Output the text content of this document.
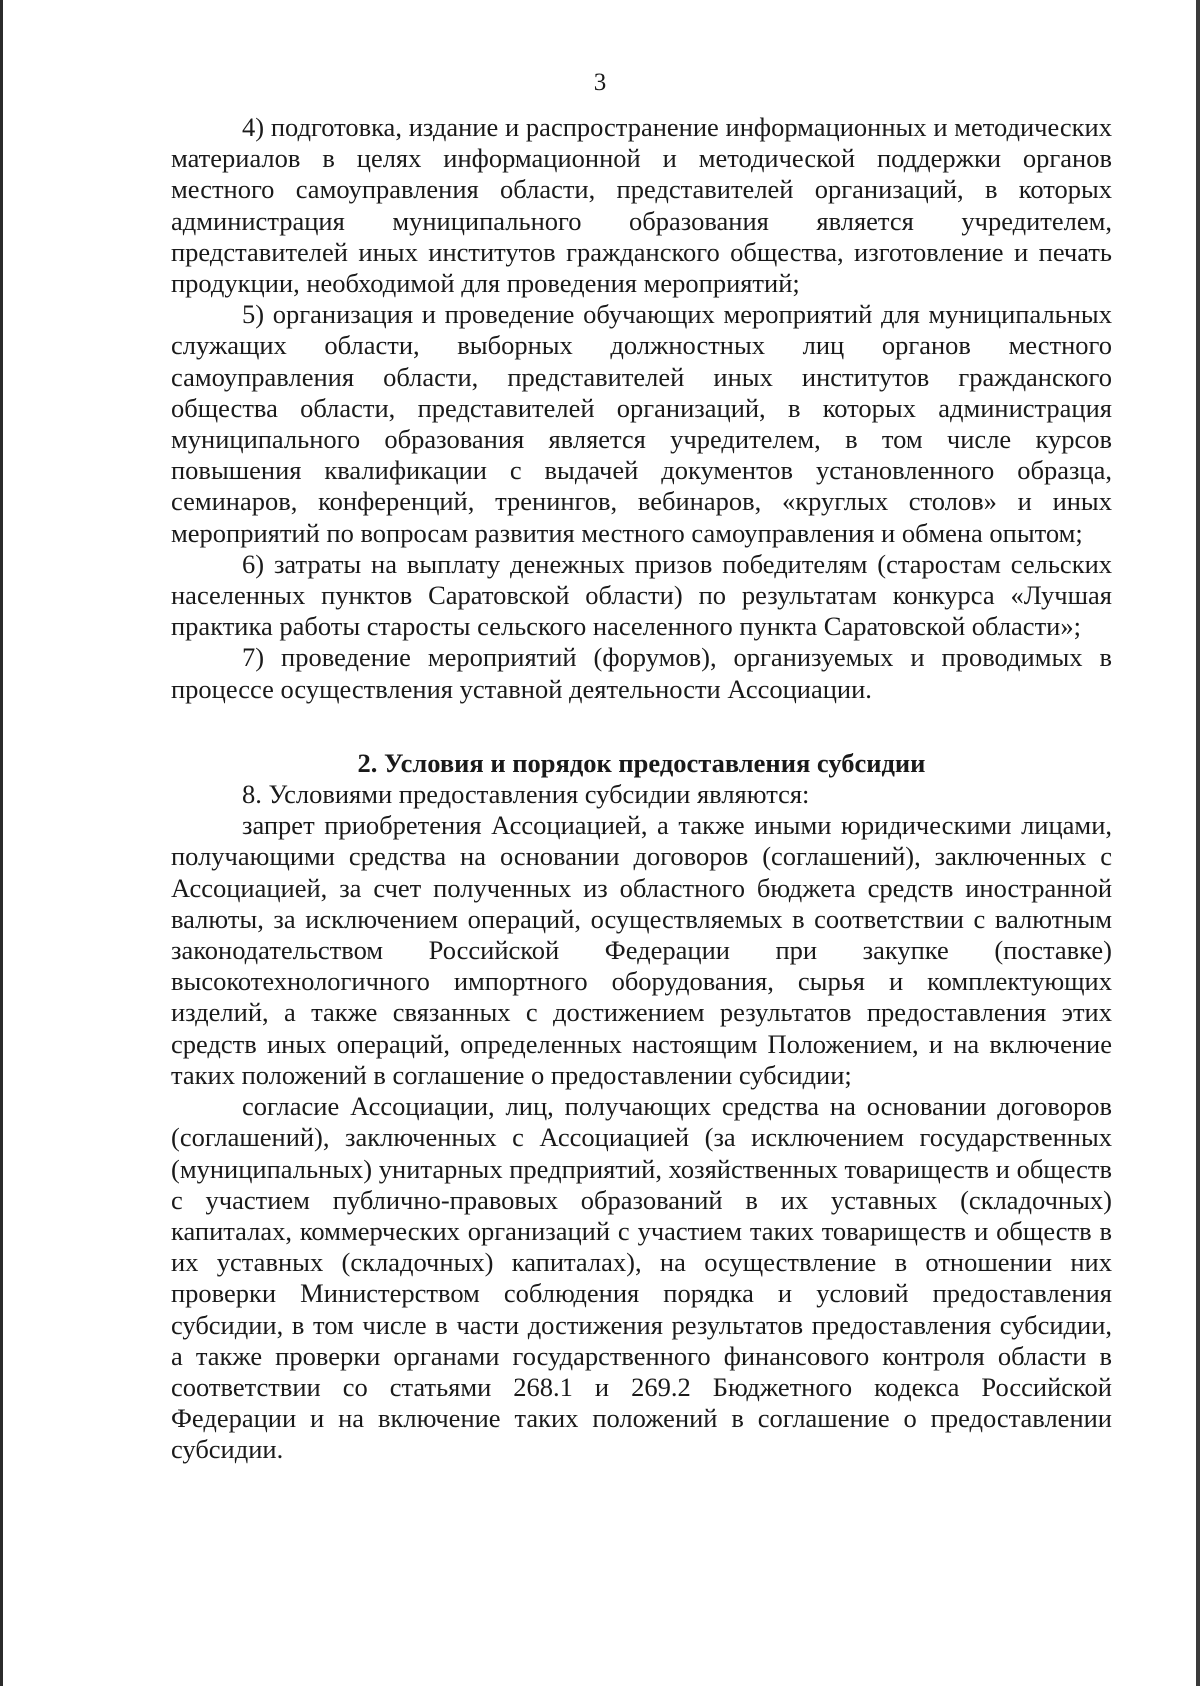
3

4) подготовка, издание и распространение информационных и методических материалов в целях информационной и методической поддержки органов местного самоуправления области, представителей организаций, в которых администрация муниципального образования является учредителем, представителей иных институтов гражданского общества, изготовление и печать продукции, необходимой для проведения мероприятий;

5) организация и проведение обучающих мероприятий для муниципальных служащих области, выборных должностных лиц органов местного самоуправления области, представителей иных институтов гражданского общества области, представителей организаций, в которых администрация муниципального образования является учредителем, в том числе курсов повышения квалификации с выдачей документов установленного образца, семинаров, конференций, тренингов, вебинаров, «круглых столов» и иных мероприятий по вопросам развития местного самоуправления и обмена опытом;

6) затраты на выплату денежных призов победителям (старостам сельских населенных пунктов Саратовской области) по результатам конкурса «Лучшая практика работы старосты сельского населенного пункта Саратовской области»;

7) проведение мероприятий (форумов), организуемых и проводимых в процессе осуществления уставной деятельности Ассоциации.

2. Условия и порядок предоставления субсидии

8. Условиями предоставления субсидии являются:

запрет приобретения Ассоциацией, а также иными юридическими лицами, получающими средства на основании договоров (соглашений), заключенных с Ассоциацией, за счет полученных из областного бюджета средств иностранной валюты, за исключением операций, осуществляемых в соответствии с валютным законодательством Российской Федерации при закупке (поставке) высокотехнологичного импортного оборудования, сырья и комплектующих изделий, а также связанных с достижением результатов предоставления этих средств иных операций, определенных настоящим Положением, и на включение таких положений в соглашение о предоставлении субсидии;

согласие Ассоциации, лиц, получающих средства на основании договоров (соглашений), заключенных с Ассоциацией (за исключением государственных (муниципальных) унитарных предприятий, хозяйственных товариществ и обществ с участием публично-правовых образований в их уставных (складочных) капиталах, коммерческих организаций с участием таких товариществ и обществ в их уставных (складочных) капиталах), на осуществление в отношении них проверки Министерством соблюдения порядка и условий предоставления субсидии, в том числе в части достижения результатов предоставления субсидии, а также проверки органами государственного финансового контроля области в соответствии со статьями 268.1 и 269.2 Бюджетного кодекса Российской Федерации и на включение таких положений в соглашение о предоставлении субсидии.
